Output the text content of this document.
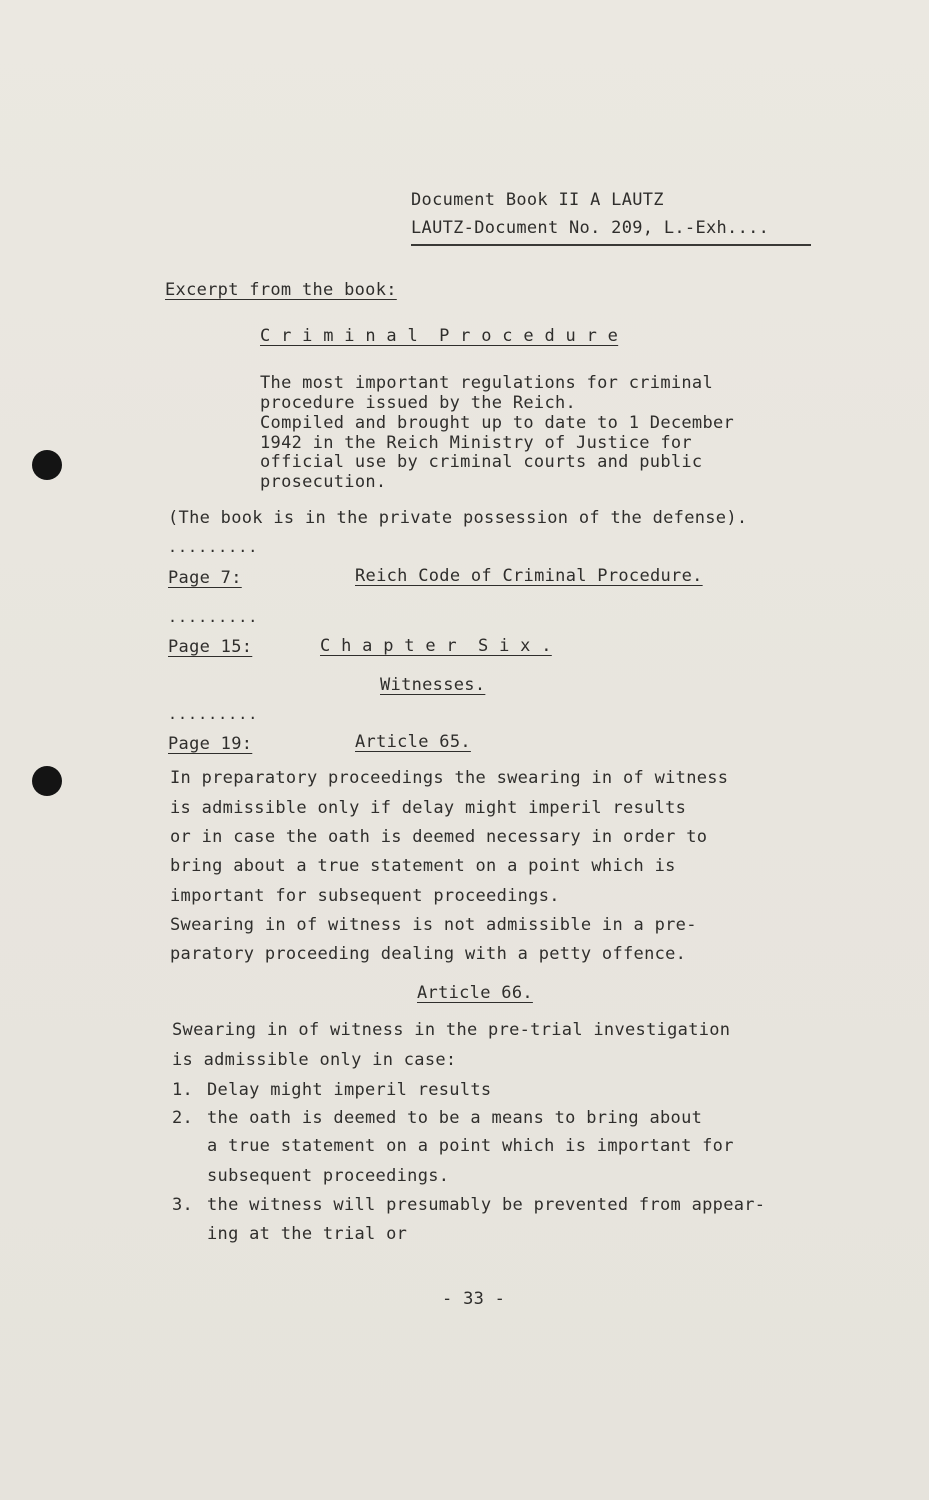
Document Book II A LAUTZ
LAUTZ-Document No. 209, L.-Exh....
Excerpt from the book:
C r i m i n a l  P r o c e d u r e
The most important regulations for criminal
procedure issued by the Reich.
Compiled and brought up to date to 1 December
1942 in the Reich Ministry of Justice for
official use by criminal courts and public
prosecution.
(The book is in the private possession of the defense).
.........
Page 7:	Reich Code of Criminal Procedure.
.........
Page 15:	C h a p t e r  S i x .
Witnesses.
.........
Page 19:	Article 65.
In preparatory proceedings the swearing in of witness
is admissible only if delay might imperil results
or in case the oath is deemed necessary in order to
bring about a true statement on a point which is
important for subsequent proceedings.
Swearing in of witness is not admissible in a pre-
paratory proceeding dealing with a petty offence.
Article 66.
Swearing in of witness in the pre-trial investigation
is admissible only in case:
1. Delay might imperil results
2. the oath is deemed to be a means to bring about
a true statement on a point which is important for
subsequent proceedings.
3. the witness will presumably be prevented from appear-
ing at the trial or
- 33 -
